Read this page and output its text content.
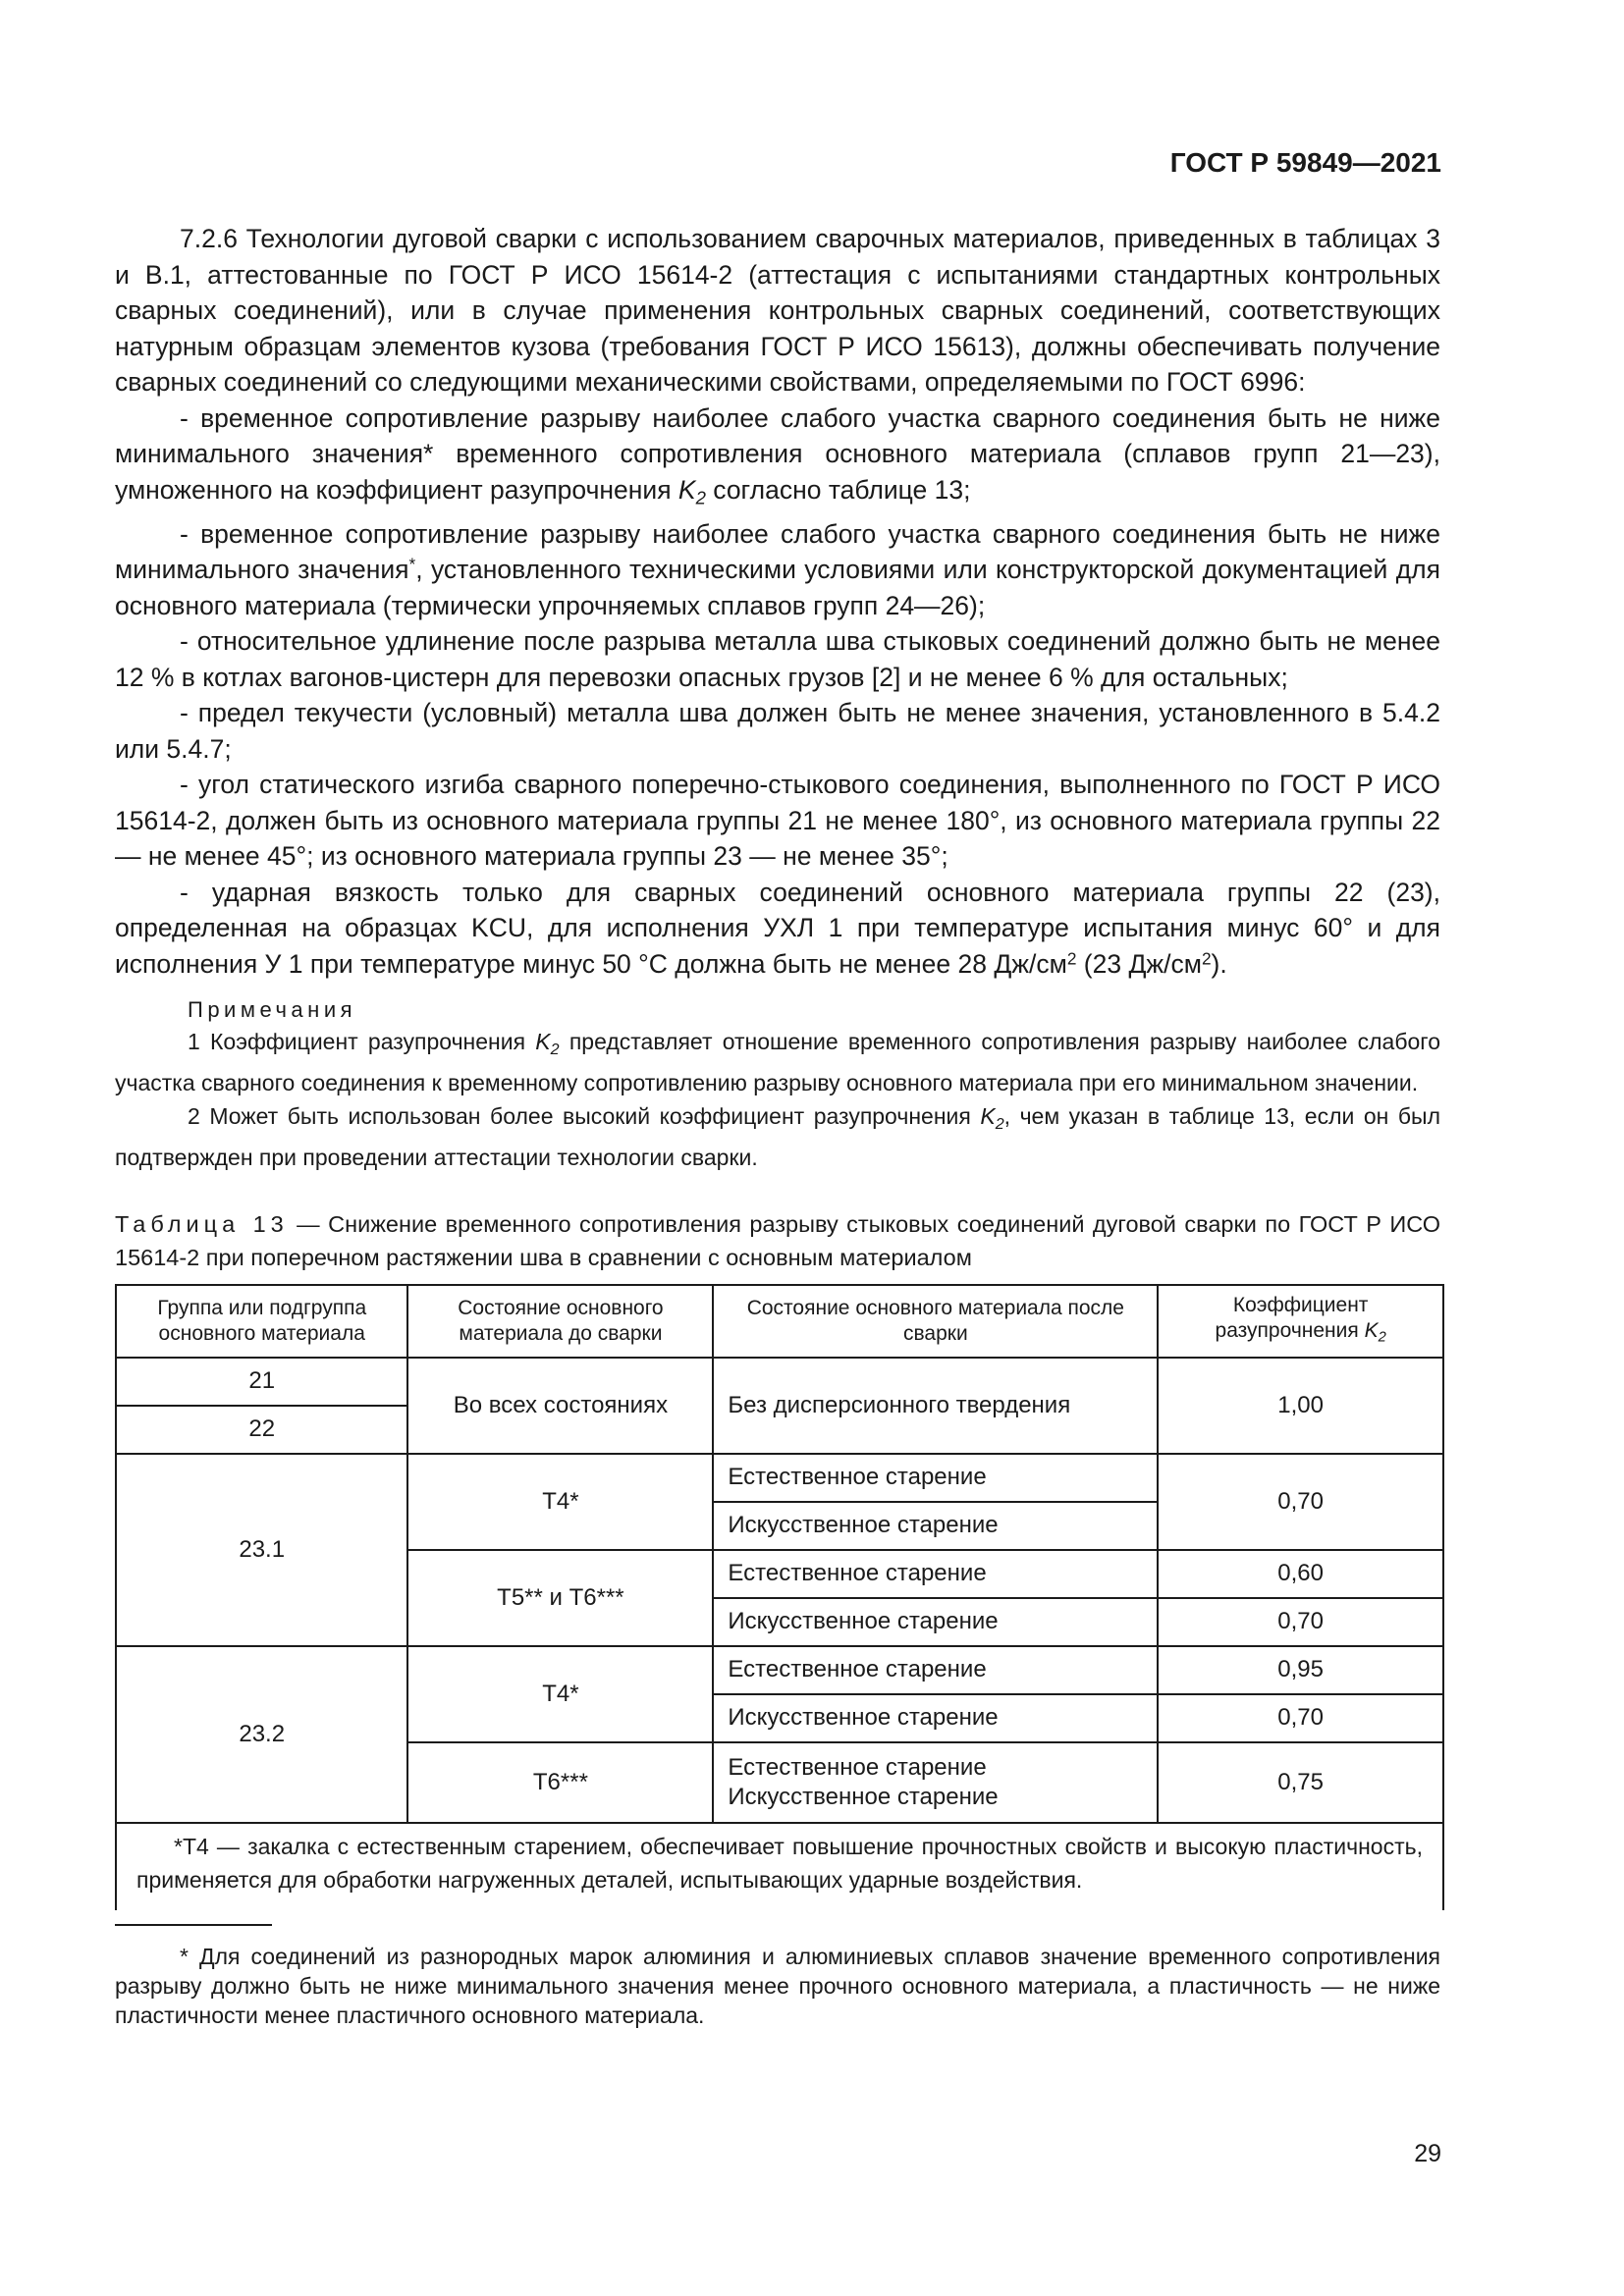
ГОСТ Р 59849—2021

7.2.6 Технологии дуговой сварки с использованием сварочных материалов, приведенных в таблицах 3 и В.1, аттестованные по ГОСТ Р ИСО 15614-2 (аттестация с испытаниями стандартных контрольных сварных соединений), или в случае применения контрольных сварных соединений, соответствующих натурным образцам элементов кузова (требования ГОСТ Р ИСО 15613), должны обеспечивать получение сварных соединений со следующими механическими свойствами, определяемыми по ГОСТ 6996:

- временное сопротивление разрыву наиболее слабого участка сварного соединения быть не ниже минимального значения* временного сопротивления основного материала (сплавов групп 21—23), умноженного на коэффициент разупрочнения $K_2$ согласно таблице 13;

- временное сопротивление разрыву наиболее слабого участка сварного соединения быть не ниже минимального значения*, установленного техническими условиями или конструкторской документацией для основного материала (термически упрочняемых сплавов групп 24—26);

- относительное удлинение после разрыва металла шва стыковых соединений должно быть не менее 12 % в котлах вагонов-цистерн для перевозки опасных грузов [2] и не менее 6 % для остальных;

- предел текучести (условный) металла шва должен быть не менее значения, установленного в 5.4.2 или 5.4.7;

- угол статического изгиба сварного поперечно-стыкового соединения, выполненного по ГОСТ Р ИСО 15614-2, должен быть из основного материала группы 21 не менее 180°, из основного материала группы 22 — не менее 45°; из основного материала группы 23 — не менее 35°;

- ударная вязкость только для сварных соединений основного материала группы 22 (23), определенная на образцах KCU, для исполнения УХЛ 1 при температуре испытания минус 60° и для исполнения У 1 при температуре минус 50 °С должна быть не менее 28 $Дж/см^2$ (23 $Дж/см^2$).

Примечания

1 Коэффициент разупрочнения $K_2$ представляет отношение временного сопротивления разрыву наиболее слабого участка сварного соединения к временному сопротивлению разрыву основного материала при его минимальном значении.

2 Может быть использован более высокий коэффициент разупрочнения $K_2$, чем указан в таблице 13, если он был подтвержден при проведении аттестации технологии сварки.

Таблица 13 — Снижение временного сопротивления разрыву стыковых соединений дуговой сварки по ГОСТ Р ИСО 15614-2 при поперечном растяжении шва в сравнении с основным материалом

Группа или подгруппа основного материала	Состояние основного материала до сварки	Состояние основного материала после сварки	Коэффициент разупрочнения $K_2$
21	Во всех состояниях	Без дисперсионного твердения	1,00
22			
23.1	Т4*	Естественное старение	0,70
		Искусственное старение	
	Т5** и Т6***	Естественное старение	0,60
		Искусственное старение	0,70
23.2	Т4*	Естественное старение	0,95
		Искусственное старение	0,70
	Т6***	Естественное старение
Искусственное старение	0,75
*Т4 — закалка с естественным старением, обеспечивает повышение прочностных свойств и высокую пластичность, применяется для обработки нагруженных деталей, испытывающих ударные воздействия.			

* Для соединений из разнородных марок алюминия и алюминиевых сплавов значение временного сопротивления разрыву должно быть не ниже минимального значения менее прочного основного материала, а пластичность — не ниже пластичности менее пластичного основного материала.

29
